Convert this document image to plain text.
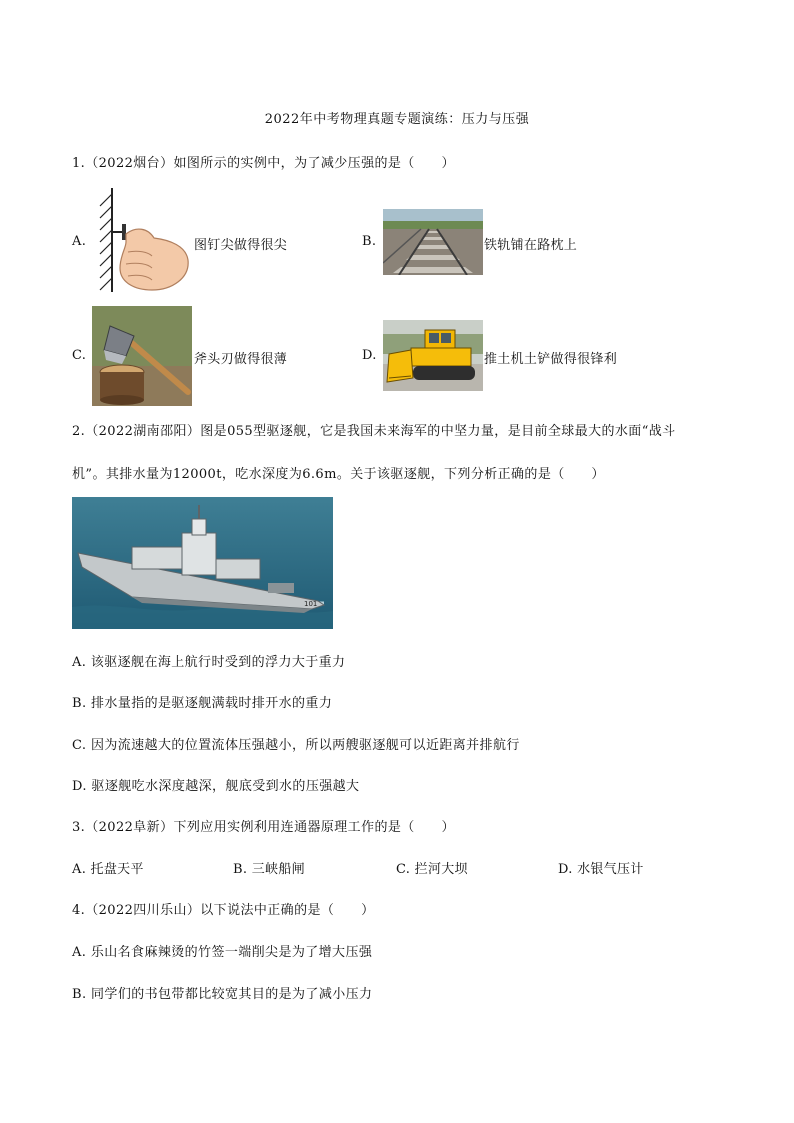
2022年中考物理真题专题演练：压力与压强
1.（2022烟台）如图所示的实例中，为了减少压强的是（　　）
A.	图钉尖做得很尖	B.	铁轨铺在路枕上
C.	斧头刃做得很薄	D.	推土机土铲做得很锋利
2.（2022湖南邵阳）图是055型驱逐舰，它是我国未来海军的中坚力量，是目前全球最大的水面“战斗
机”。其排水量为12000t，吃水深度为6.6m。关于该驱逐舰，下列分析正确的是（　　）
101
A. 该驱逐舰在海上航行时受到的浮力大于重力
B. 排水量指的是驱逐舰满载时排开水的重力
C. 因为流速越大的位置流体压强越小，所以两艘驱逐舰可以近距离并排航行
D. 驱逐舰吃水深度越深，舰底受到水的压强越大
3.（2022阜新）下列应用实例利用连通器原理工作的是（　　）
A. 托盘天平	B. 三峡船闸	C. 拦河大坝	D. 水银气压计
4.（2022四川乐山）以下说法中正确的是（　　）
A. 乐山名食麻辣烫的竹签一端削尖是为了增大压强
B. 同学们的书包带都比较宽其目的是为了减小压力
